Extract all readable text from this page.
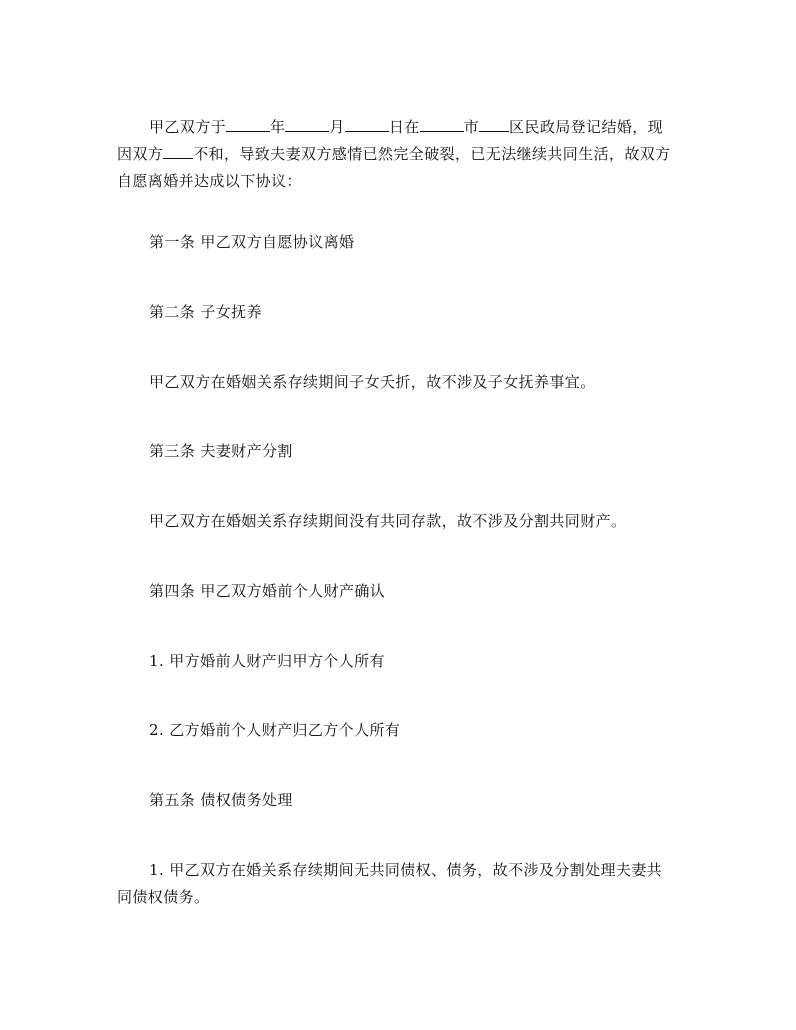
甲乙双方于	年	月	日在	市 区民政局登记结婚，现因双方 不和，导致夫妻双方感情已然完全破裂，已无法继续共同生活，故双方自愿离婚并达成以下协议：
第一条 甲乙双方自愿协议离婚
第二条 子女抚养
甲乙双方在婚姻关系存续期间子女夭折，故不涉及子女抚养事宜。
第三条 夫妻财产分割
甲乙双方在婚姻关系存续期间没有共同存款，故不涉及分割共同财产。
第四条 甲乙双方婚前个人财产确认
1. 甲方婚前人财产归甲方个人所有
2. 乙方婚前个人财产归乙方个人所有
第五条 债权债务处理
1. 甲乙双方在婚关系存续期间无共同债权、债务，故不涉及分割处理夫妻共同债权债务。
